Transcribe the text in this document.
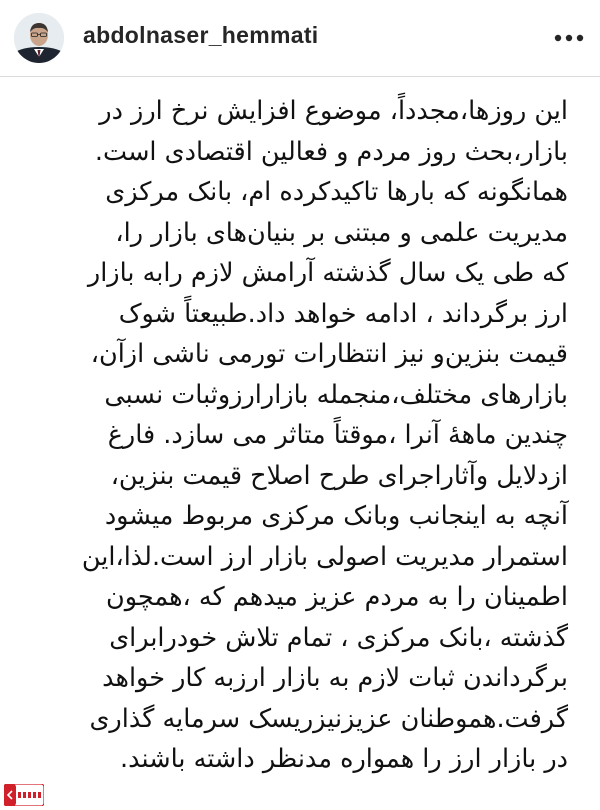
abdolnaser_hemmati
این روزها،مجدداً، موضوع افزایش نرخ ارز در
بازار،بحث روز مردم و فعالین اقتصادی است.
همانگونه که بارها تاکیدکرده ام، بانک مرکزی
مدیریت علمی و مبتنی بر بنیان‌های بازار را،
که طی یک سال گذشته آرامش لازم رابه بازار
ارز برگرداند ، ادامه خواهد داد.طبیعتاً شوک
قیمت بنزین‌و نیز انتظارات تورمی ناشی ازآن،
بازارهای مختلف،منجمله بازارارزوثبات نسبی
چندین ماههٔ آنرا ،موقتاً متاثر می سازد. فارغ
ازدلایل وآثاراجرای طرح اصلاح قیمت بنزین،
آنچه به اینجانب وبانک مرکزی مربوط میشود
استمرار مدیریت اصولی بازار ارز است.لذا،این
اطمینان را به مردم عزیز میدهم که ،همچون
گذشته ،بانک مرکزی ، تمام تلاش خودرابرای
برگرداندن ثبات لازم به بازار ارزبه کار خواهد
گرفت.هموطنان عزیزنیزریسک سرمایه گذاری
در بازار ارز را همواره مدنظر داشته باشند.
